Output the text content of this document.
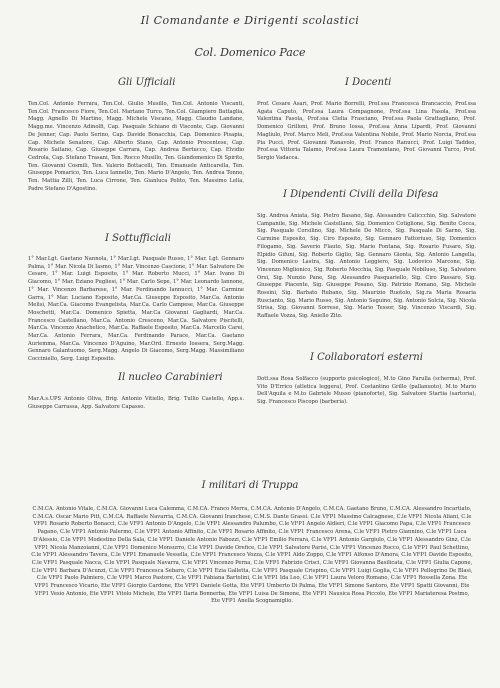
Il Comandante e Dirigenti scolastici
Col. Domenico Pace
Gli Ufficiali
Ten.Col. Antonio Ferrara, Ten.Col. Giulio Musillo, Ten.Col. Antonio Viscanti, Ten.Col. Francesco Fiore, Ten.Col. Martano Turco, Ten.Col. Giampiero Battaglia, Magg. Agnello Di Martino, Magg. Michele Viscano, Magg. Claudio Landane, Magg.me. Vincenzo Adinolfi, Cap. Pasquale Schiano di Visconte, Cap. Giovanni De Jenner, Cap. Paolo Serino, Cap. Davide Bonacchia, Cap. Domenico Pisapia, Cap. Michele Senatore, Cap. Alberto Stano, Cap. Antonio Procentese, Cap. Rosario Saitano, Cap. Giuseppe Carrara, Cap. Andrea Bertucco, Cap. Elvidio Cedrola, Cap. Stefano Trasani, Ten. Rocco Musillo, Ten. Giandomenico Di Spirito, Ten. Giovanni Cosmili, Ten. Valerio Bottacelli, Ten. Emanuele Anticarella, Ten. Giuseppe Pomarico, Ten. Luca Iannello, Ten. Mario D'Angelo, Ten. Andrea Tonno, Ten. Mattia Zilli, Ten. Luca Cirrone, Ten. Gianluca Polito, Ten. Massimo Lella, Padre Stefano D'Agostino.
I Sottufficiali
1° Mar.Lgt. Gaetano Nannola, 1° Mar.Lgt. Pasquale Russo, 1° Mar. Lgt. Gennaro Palma, 1° Mar. Nicola Di Iasmo, 1° Mar. Vincenzo Cascione, 1° Mar. Salvatore De Cesare, 1° Mar. Luigi Esposito, 1° Mar. Roberto Mucci, 1° Mar. Ivano Di Giacomo, 1° Mar. Eziano Pugliesi, 1° Mar. Carlo Sepe, 1° Mar. Leonardo Iannone, 1° Mar. Vincenzo Barbarese, 1° Mar. Ferdinando Iannucci, 1° Mar. Carmine Garra, 1° Mar. Luciano Esposito, Mar.Ca. Giuseppe Esposito, Mar.Ca. Antonio Melisi, Mar.Ca. Giacomo Evangelista, Mar.Ca. Carlo Campese, Mar.Ca. Giuseppe Moschetti, Mar.Ca. Domenico Spietta, Mar.Ca Giovanni Gagliardi, Mar.Ca. Francesco Castellano, Mar.Ca. Antonio Cresceno, Mar.Ca. Salvatore Piscitelli, Mar.Ca. Vincenzo Anachetico, Mar.Ca. Raffaele Esposito, Mar.Ca. Marcello Carei, Mar.Ca. Antonio Ferrara, Mar.Ca. Ferdinando Parace, Mar.Ca. Gaetano Auriemma, Mar.Ca. Vincenzo D'Aguino, Mar.Ord. Ernesto Iossera, Serg.Magg. Gennaro Galantuomo, Serg.Magg. Angelo Di Giacomo, Serg.Magg. Massimiliano Cocciniello, Serg. Luigi Esposito.
Il nucleo Carabinieri
Mar.A.s.UPS Antonio Oliva, Brig. Antonio Vitiello, Brig. Tullio Castello, App.s. Giuseppe Carrassa, App. Salvatore Capasso.
I Docenti
Prof. Cesare Asari, Prof. Mario Borrelli, Prof.ssa Francesca Brancaccio, Prof.ssa Agata Caputo, Prof.ssa Laura Compagnone, Prof.ssa Lina Fasola, Prof.ssa Valentina Fasola, Prof.ssa Clelia Frasciano, Prof.ssa Paola Grattagliano, Prof. Domenico Grilloni, Prof. Bruno Iossa, Prof.ssa Anna Lipardi, Prof. Giovanni Magliulo, Prof. Marco Meli, Prof.ssa Valentina Nobile, Prof. Mario Norcia, Prof.ssa Pia Pucci, Prof. Giovanni Ranavolo, Prof. Franco Ranucci, Prof. Luigi Taddeo, Prof.ssa Vittoria Talamo, Prof.ssa Laura Tramontano, Prof. Giovanni Turco, Prof. Sergio Vadacca.
I Dipendenti Civili della Difesa
Sig. Andrea Aniata, Sig. Pietro Basano, Sig. Alessandro Caliccchio, Sig. Salvatore Campanile, Sig. Michele Castellano, Sig. Domenico Cotiglione, Sig. Benito Cocca, Sig. Pasquale Corsilino, Sig. Michele De Micco, Sig. Pasquale Di Sarno, Sig. Carmine Esposito, Sig. Ciro Esposito, Sig. Gennaro Fattoriuso, Sig. Domenico Filogamo, Sig. Saverio Flauto, Sig. Mario Fontana, Sig. Rosario Fusaro, Sig. Elpidio Gifuni, Sig. Roberto Giglio, Sig. Gennaro Gionta, Sig. Antonio Langella, Sig. Domenico Lastra, Sig. Antonio Leggiero, Sig. Lodovico Marcone, Sig. Vincenzo Miglionico, Sig. Roberto Mocchia, Sig. Pasquale Nobiluso, Sig. Salvatore Orsi, Sig. Nunzio Pane, Sig. Alessandro Pasquariello, Sig. Ciro Passaro, Sig. Giuseppe Piacente, Sig. Giuseppe Posano, Sig. Patrizio Romano, Sig. Michele Rossini, Sig. Barbato Rubano, Sig. Maurizio Ruotolo, Sig.ra Maria Rosaria Ruscianto, Sig. Mario Russo, Sig. Antonio Seguino, Sig. Antonio Solcia, Sig. Nicola Strisa, Sig. Giovanni Sorrese, Sig. Mario Tessor, Sig. Vincenzo Viscardi, Sig. Raffaele Vozza, Sig. Aniello Zito.
I Collaboratori esterni
Dott.ssa Rosa Solfacco (supporto psicologico), M.to Gino Farulla (scherma), Prof. Vito D'Errico (atletica leggera), Prof. Costantino Grillo (pallanuoto), M.to Mario Dell'Aquila e M.to Gabriele Musso (pianoforte), Sig. Salvatore Startia (sartoria), Sig. Francesco Piscopo (barberia).
I militari di Truppa
C.M.CA. Antonio Vitale, C.M.CA. Giovanni Luca Calemma, C.M.CA. Franco Merra, C.M.CA. Antonio D'Angelo, C.M.CA. Gaetano Bruno, C.M.CA. Alessandro Incartiato, C.M.CA. Oscar Mario Pitt, C.M.CA. Raffaele Navarria, C.M.CA. Giovanni Iranchese, C.M.S. Dante Grassi. C.le VFP1 Massimo Calcagnese, C.le VFP1 Nicola Aliani, C.le VFP1 Rosario Roberto Bonacci, C.le VFP1 Antonio D'Angelo, C.le VFP1 Alessandro Palumbo, C.le VFP1 Angelo Aldieri, C.le VFP1 Giacomo Papa, C.le VFP1 Francesco Pagano, C.le VFP1 Antonio Palermo, C.le VFP1 Antonio Affinito, C.le VFP1 Rosario Affinito, C.le VFP1 Francesco Arena, C.le VFP1 Pietro Giannino, C.le VFP1 Luca D'Alessio, C.le VFP1 Modestino Della Sala, C.le VFP1 Daniele Antonio Fabozzi, C.le VFP1 Emilio Ferrara, C.le VFP1 Antonio Gargiulo, C.le VFP1 Alessandro Ginz, C.le VFP1 Nicola Manzoianni, C.le VFP1 Domenico Monsurro, C.le VFP1 Davide Orefice, C.le VFP1 Salvatore Parisi, C.le VFP1 Vincenzo Rocco, C.le VFP1 Paul Schettino, C.le VFP1 Alessandro Tavera, C.le VFP1 Emanuele Vessella, C.le VFP1 Francesco Vozza, C.le VFP1 Aldo Zoppo, C.le VFP1 Alfonso D'Amora, C.le VFP1 Davide Esposito, C.le VFP1 Pasquale Nacca, C.le VFP1 Pasquale Navarra, C.le VFP1 Vincenzo Perna, C.le VFP1 Fabrizio Crisci, C.le VFP1 Giovanna Basilicata, C.le VFP1 Giulia Capone, C.le VFP1 Barbara D'Acunzi, C.le VFP1 Francesca Sebaro, C.le VFP1 Ezia Galletta, C.le VFP1 Pasquale Crispino, C.le VFP1 Luigi Goglia, C.le VFP1 Pellegrino De Blasi, C.le VFP1 Paolo Palmiero, C.le VFP1 Marco Pastore, C.le VFP1 Fabiana Bartolini, C.le VFP1 Ida Leo, C.le VFP1 Laura Veloro Romano, C.le VFP1 Rossella Zona. Ete VFP1 Francesco Vicario, Ete VFP1 Giorgio Cardone, Ete VFP1 Daniele Gotta, Ete VFP1 Umberto Di Palma, Ete VFP1 Simone Santoro, Ete VFP1 Spatti Giovanni, Ete VFP1 Vesio Antonio, Ete VFP1 Vitolo Michele, Ete VFP1 Ilaria Bonnerba, Ete VFP1 Luisa De Simone, Ete VFP1 Nausica Rosa Piccolo, Ete VFP1 Mariateresa Postmo, Ete VFP1 Anella Scognamiglio.
